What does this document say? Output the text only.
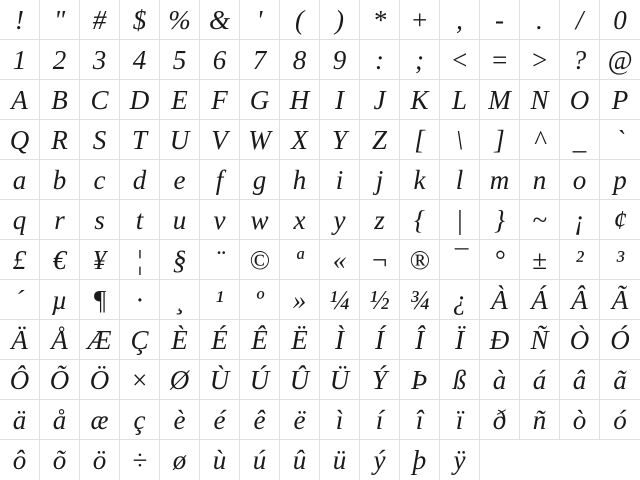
!	"	# $ % & '	(	)	* +	,	-	.	/	0
1 2 3 4 5 6 7 8 9	:	; < = > ? @
A B C D E F G H I	J K L M N O P
Q R S T U V W X Y Z	[	\	]	^	_	`
a b	c	d	e	f	g h	i	j	k	l m n o	p
q	r	s	t	u	v w x	y	z	{	|	}	~	¡	¢
£ € ¥	¦	§	¨ © ª	« ¬ ® ¯	°	±	²	³
´	µ ¶	·	¸	¹	º	» ¼ ½ ¾ ¿ À Á Â Ã
Ä Å Æ Ç È É Ê Ë	Ì	Í	Î	Ï Ð Ñ Ò Ó
Ô Õ Ö × Ø Ù Ú Û Ü Ý Þ ß à á â	ã
ä å æ ç	è	é	ê	ë	ì	í	î	ï	ð ñ ò	ó
ô õ ö ÷ ø ù ú û ü	ý	þ	ÿ
